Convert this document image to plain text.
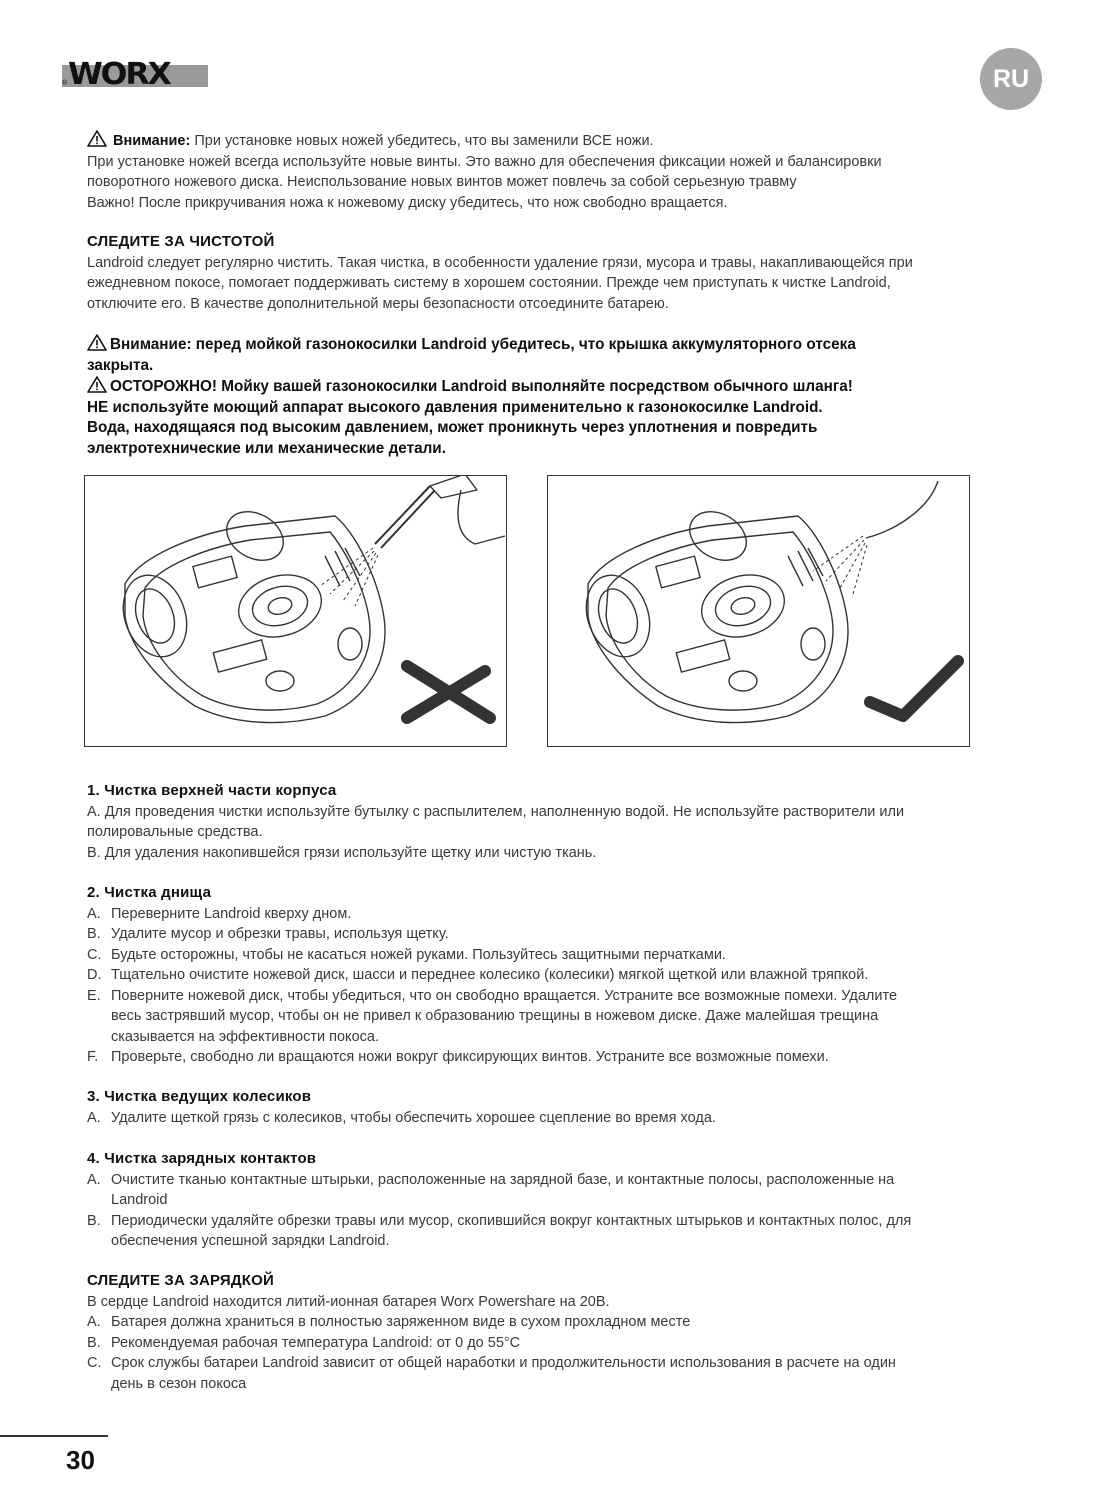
WORX
®	RU

Внимание: При установке новых ножей убедитесь, что вы заменили ВСЕ ножи.

При установке ножей всегда используйте новые винты. Это важно для обеспечения фиксации ножей и балансировки

поворотного ножевого диска. Неиспользование новых винтов может повлечь за собой серьезную травму

Важно! После прикручивания ножа к ножевому диску убедитесь, что нож свободно вращается.

СЛЕДИТЕ ЗА ЧИСТОТОЙ

Landroid следует регулярно чистить. Такая чистка, в особенности удаление грязи, мусора и травы, накапливающейся при

ежедневном покосе, помогает поддерживать систему в хорошем состоянии. Прежде чем приступать к чистке Landroid,

отключите его. В качестве дополнительной меры безопасности отсоедините батарею.

Внимание: перед мойкой газонокосилки Landroid убедитесь, что крышка аккумуляторного отсека

закрыта.

ОСТОРОЖНО! Мойку вашей газонокосилки Landroid выполняйте посредством обычного шланга!

НЕ используйте моющий аппарат высокого давления применительно к газонокосилке Landroid.

Вода, находящаяся под высоким давлением, может проникнуть через уплотнения и повредить

электротехнические или механические детали.

1. Чистка верхней части корпуса

A. Для проведения чистки используйте бутылку с распылителем, наполненную водой. Не используйте растворители или

полировальные средства.

B. Для удаления накопившейся грязи используйте щетку или чистую ткань.

2. Чистка днища

A. Переверните Landroid кверху дном.
B. Удалите мусор и обрезки травы, используя щетку.
C. Будьте осторожны, чтобы не касаться ножей руками. Пользуйтесь защитными перчатками.
D. Тщательно очистите ножевой диск, шасси и переднее колесико (колесики) мягкой щеткой или влажной тряпкой.
E. Поверните ножевой диск, чтобы убедиться, что он свободно вращается. Устраните все возможные помехи. Удалите
весь застрявший мусор, чтобы он не привел к образованию трещины в ножевом диске. Даже малейшая трещина
сказывается на эффективности покоса.
F. Проверьте, свободно ли вращаются ножи вокруг фиксирующих винтов. Устраните все возможные помехи.

3. Чистка ведущих колесиков

A. Удалите щеткой грязь с колесиков, чтобы обеспечить хорошее сцепление во время хода.

4. Чистка зарядных контактов

A. Очистите тканью контактные штырьки, расположенные на зарядной базе, и контактные полосы, расположенные на
Landroid
B. Периодически удаляйте обрезки травы или мусор, скопившийся вокруг контактных штырьков и контактных полос, для
обеспечения успешной зарядки Landroid.

СЛЕДИТЕ ЗА ЗАРЯДКОЙ

В сердце Landroid находится литий-ионная батарея Worx Powershare на 20В.

A. Батарея должна храниться в полностью заряженном виде в сухом прохладном месте
B. Рекомендуемая рабочая температура Landroid: от 0 до 55°С
C. Срок службы батареи Landroid зависит от общей наработки и продолжительности использования в расчете на один
день в сезон покоса
30
